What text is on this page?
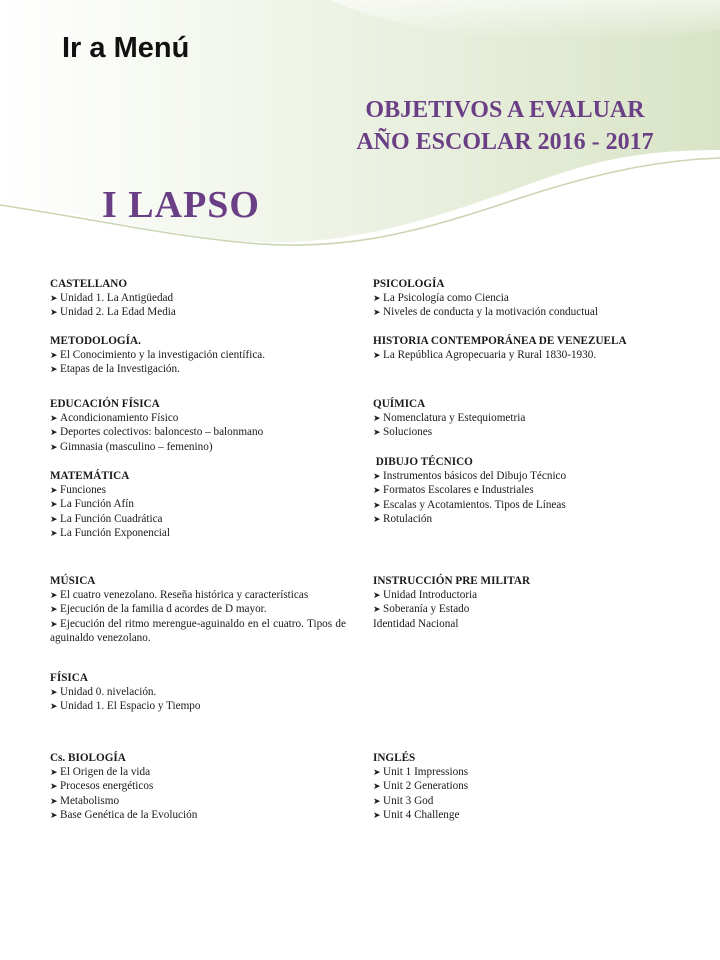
Ir a Menú
OBJETIVOS A EVALUAR
AÑO ESCOLAR 2016 - 2017
I LAPSO
CASTELLANO
➤ Unidad 1. La Antigüedad
➤ Unidad 2. La Edad Media
METODOLOGÍA.
➤ El Conocimiento y la investigación científica.
➤ Etapas de la Investigación.
EDUCACIÓN FÍSICA
➤ Acondicionamiento Físico
➤ Deportes colectivos: baloncesto – balonmano
➤ Gimnasia (masculino – femenino)
MATEMÁTICA
➤ Funciones
➤ La Función Afín
➤ La Función Cuadrática
➤ La Función Exponencial
MÚSICA
➤ El cuatro venezolano. Reseña histórica y características
➤ Ejecución de la familia d acordes de D mayor.
➤ Ejecución del ritmo merengue-aguinaldo en el cuatro. Tipos de aguinaldo venezolano.
FÍSICA
➤ Unidad 0. nivelación.
➤ Unidad 1. El Espacio y Tiempo
Cs. BIOLOGÍA
➤ El Origen de la vida
➤ Procesos energéticos
➤ Metabolismo
➤ Base Genética de la Evolución
PSICOLOGÍA
➤ La Psicología como Ciencia
➤ Niveles de conducta y la motivación conductual
HISTORIA CONTEMPORÁNEA DE VENEZUELA
➤ La República Agropecuaria y Rural 1830-1930.
QUÍMICA
➤ Nomenclatura y Estequiometria
➤ Soluciones
DIBUJO TÉCNICO
➤ Instrumentos básicos del Dibujo Técnico
➤ Formatos Escolares e Industriales
➤ Escalas y Acotamientos. Tipos de Líneas
➤ Rotulación
INSTRUCCIÓN PRE MILITAR
➤ Unidad Introductoria
➤ Soberanía y Estado
Identidad Nacional
INGLÉS
➤ Unit 1 Impressions
➤ Unit 2 Generations
➤ Unit 3 God
➤ Unit 4 Challenge
